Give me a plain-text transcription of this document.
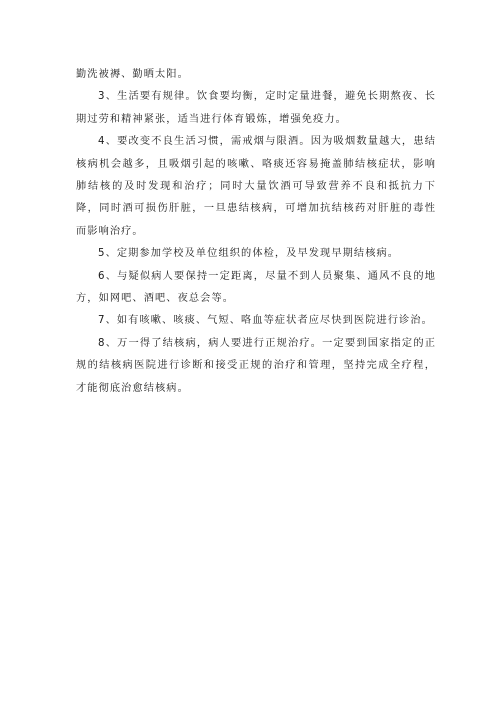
勤洗被褥、勤晒太阳。

3、生活要有规律。饮食要均衡，定时定量进餐，避免长期熬夜、长期过劳和精神紧张，适当进行体育锻炼，增强免疫力。

4、要改变不良生活习惯，需戒烟与限酒。因为吸烟数量越大，患结核病机会越多，且吸烟引起的咳嗽、咯痰还容易掩盖肺结核症状，影响肺结核的及时发现和治疗；同时大量饮酒可导致营养不良和抵抗力下降，同时酒可损伤肝脏，一旦患结核病，可增加抗结核药对肝脏的毒性而影响治疗。

5、定期参加学校及单位组织的体检，及早发现早期结核病。

6、与疑似病人要保持一定距离，尽量不到人员聚集、通风不良的地方，如网吧、酒吧、夜总会等。

7、如有咳嗽、咳痰、气短、咯血等症状者应尽快到医院进行诊治。

8、万一得了结核病，病人要进行正规治疗。一定要到国家指定的正规的结核病医院进行诊断和接受正规的治疗和管理，坚持完成全疗程，才能彻底治愈结核病。
